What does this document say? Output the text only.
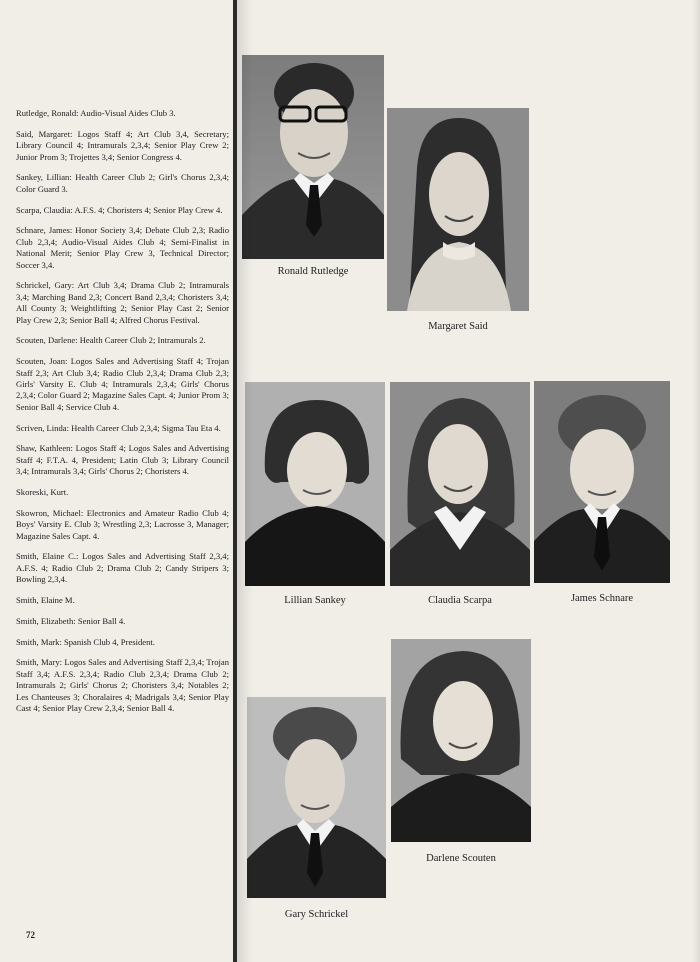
Rutledge, Ronald: Audio-Visual Aides Club 3.

Said, Margaret: Logos Staff 4; Art Club 3,4, Secretary; Library Council 4; Intramurals 2,3,4; Senior Play Crew 2; Junior Prom 3; Trojettes 3,4; Senior Congress 4.

Sankey, Lillian: Health Career Club 2; Girl's Chorus 2,3,4; Color Guard 3.

Scarpa, Claudia: A.F.S. 4; Choristers 4; Senior Play Crew 4.

Schnare, James: Honor Society 3,4; Debate Club 2,3; Radio Club 2,3,4; Audio-Visual Aides Club 4; Semi-Finalist in National Merit; Senior Play Crew 3, Technical Director; Soccer 3,4.

Schrickel, Gary: Art Club 3,4; Drama Club 2; Intramurals 3,4; Marching Band 2,3; Concert Band 2,3,4; Choristers 3,4; All County 3; Weightlifting 2; Senior Play Cast 2; Senior Play Crew 2,3; Senior Ball 4; Alfred Chorus Festival.

Scouten, Darlene: Health Career Club 2; Intramurals 2.

Scouten, Joan: Logos Sales and Advertising Staff 4; Trojan Staff 2,3; Art Club 3,4; Radio Club 2,3,4; Drama Club 2,3; Girls' Varsity E. Club 4; Intramurals 2,3,4; Girls' Chorus 2,3,4; Color Guard 2; Magazine Sales Capt. 4; Junior Prom 3; Senior Ball 4; Service Club 4.

Scriven, Linda: Health Career Club 2,3,4; Sigma Tau Eta 4.

Shaw, Kathleen: Logos Staff 4; Logos Sales and Advertising Staff 4; F.T.A. 4, President; Latin Club 3; Library Council 3,4; Intramurals 3,4; Girls' Chorus 2; Choristers 4.

Skoreski, Kurt.

Skowron, Michael: Electronics and Amateur Radio Club 4; Boys' Varsity E. Club 3; Wrestling 2,3; Lacrosse 3, Manager; Magazine Sales Capt. 4.

Smith, Elaine C.: Logos Sales and Advertising Staff 2,3,4; A.F.S. 4; Radio Club 2; Drama Club 2; Candy Stripers 3; Bowling 2,3,4.

Smith, Elaine M.

Smith, Elizabeth: Senior Ball 4.

Smith, Mark: Spanish Club 4, President.

Smith, Mary: Logos Sales and Advertising Staff 2,3,4; Trojan Staff 3,4; A.F.S. 2,3,4; Radio Club 2,3,4; Drama Club 2; Intramurals 2; Girls' Chorus 2; Choristers 3,4; Notables 2; Les Chanteuses 3; Choralaires 4; Madrigals 3,4; Senior Play Cast 4; Senior Play Crew 2,3,4; Senior Ball 4.

72
Ronald Rutledge
Margaret Said
Lillian Sankey	Claudia Scarpa	James Schnare
Darlene Scouten
Gary Schrickel
